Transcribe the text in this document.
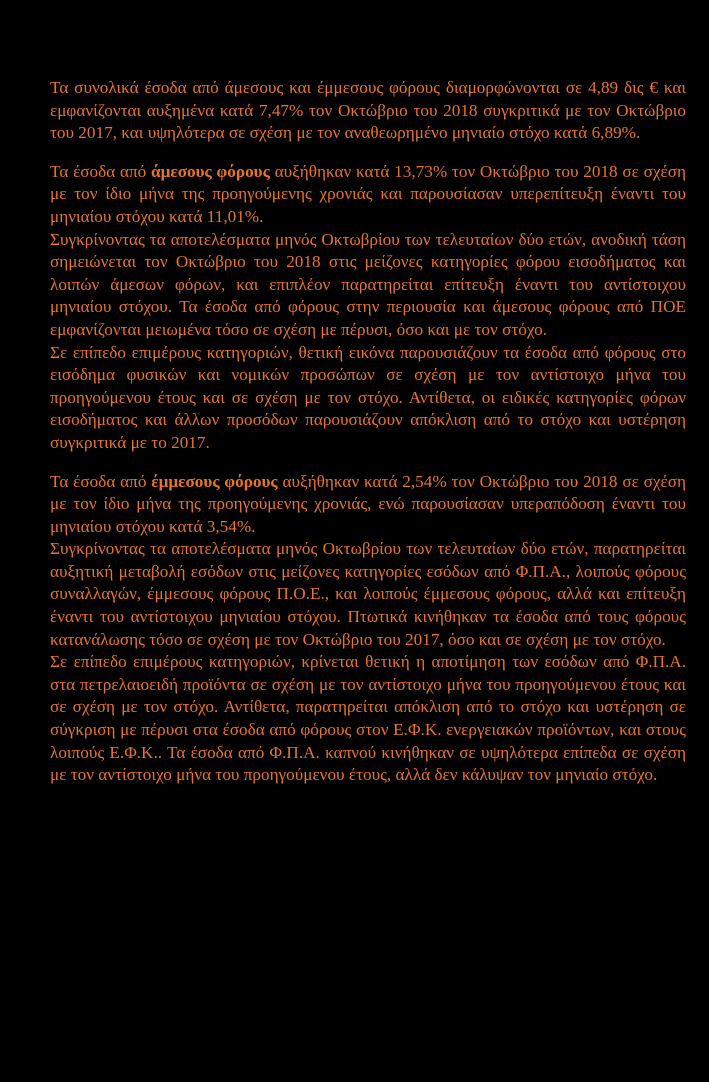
Τα συνολικά έσοδα από άμεσους και έμμεσους φόρους διαμορφώνονται σε 4,89 δις € και εμφανίζονται αυξημένα κατά 7,47% τον Οκτώβριο του 2018 συγκριτικά με τον Οκτώβριο του 2017, και υψηλότερα σε σχέση με τον αναθεωρημένο μηνιαίο στόχο κατά 6,89%.

Τα έσοδα από άμεσους φόρους αυξήθηκαν κατά 13,73% τον Οκτώβριο του 2018 σε σχέση με τον ίδιο μήνα της προηγούμενης χρονιάς και παρουσίασαν υπερεπίτευξη έναντι του μηνιαίου στόχου κατά 11,01%.

Συγκρίνοντας τα αποτελέσματα μηνός Οκτωβρίου των τελευταίων δύο ετών, ανοδική τάση σημειώνεται τον Οκτώβριο του 2018 στις μείζονες κατηγορίες φόρου εισοδήματος και λοιπών άμεσων φόρων, και επιπλέον παρατηρείται επίτευξη έναντι του αντίστοιχου μηνιαίου στόχου. Τα έσοδα από φόρους στην περιουσία και άμεσους φόρους από ΠΟΕ εμφανίζονται μειωμένα τόσο σε σχέση με πέρυσι, όσο και με τον στόχο.

Σε επίπεδο επιμέρους κατηγοριών, θετική εικόνα παρουσιάζουν τα έσοδα από φόρους στο εισόδημα φυσικών και νομικών προσώπων σε σχέση με τον αντίστοιχο μήνα του προηγούμενου έτους και σε σχέση με τον στόχο. Αντίθετα, οι ειδικές κατηγορίες φόρων εισοδήματος και άλλων προσόδων παρουσιάζουν απόκλιση από το στόχο και υστέρηση συγκριτικά με το 2017.

Τα έσοδα από έμμεσους φόρους αυξήθηκαν κατά 2,54% τον Οκτώβριο του 2018 σε σχέση με τον ίδιο μήνα της προηγούμενης χρονιάς, ενώ παρουσίασαν υπεραπόδοση έναντι του μηνιαίου στόχου κατά 3,54%.

Συγκρίνοντας τα αποτελέσματα μηνός Οκτωβρίου των τελευταίων δύο ετών, παρατηρείται αυξητική μεταβολή εσόδων στις μείζονες κατηγορίες εσόδων από Φ.Π.Α., λοιπούς φόρους συναλλαγών, έμμεσους φόρους Π.Ο.Ε., και λοιπούς έμμεσους φόρους, αλλά και επίτευξη έναντι του αντίστοιχου μηνιαίου στόχου. Πτωτικά κινήθηκαν τα έσοδα από τους φόρους κατανάλωσης τόσο σε σχέση με τον Οκτώβριο του 2017, όσο και σε σχέση με τον στόχο.

Σε επίπεδο επιμέρους κατηγοριών, κρίνεται θετική η αποτίμηση των εσόδων από Φ.Π.Α. στα πετρελαιοειδή προϊόντα σε σχέση με τον αντίστοιχο μήνα του προηγούμενου έτους και σε σχέση με τον στόχο. Αντίθετα, παρατηρείται απόκλιση από το στόχο και υστέρηση σε σύγκριση με πέρυσι στα έσοδα από φόρους στον Ε.Φ.Κ. ενεργειακών προϊόντων, και στους λοιπούς Ε.Φ.Κ.. Τα έσοδα από Φ.Π.Α. καπνού κινήθηκαν σε υψηλότερα επίπεδα σε σχέση με τον αντίστοιχο μήνα του προηγούμενου έτους, αλλά δεν κάλυψαν τον μηνιαίο στόχο.
